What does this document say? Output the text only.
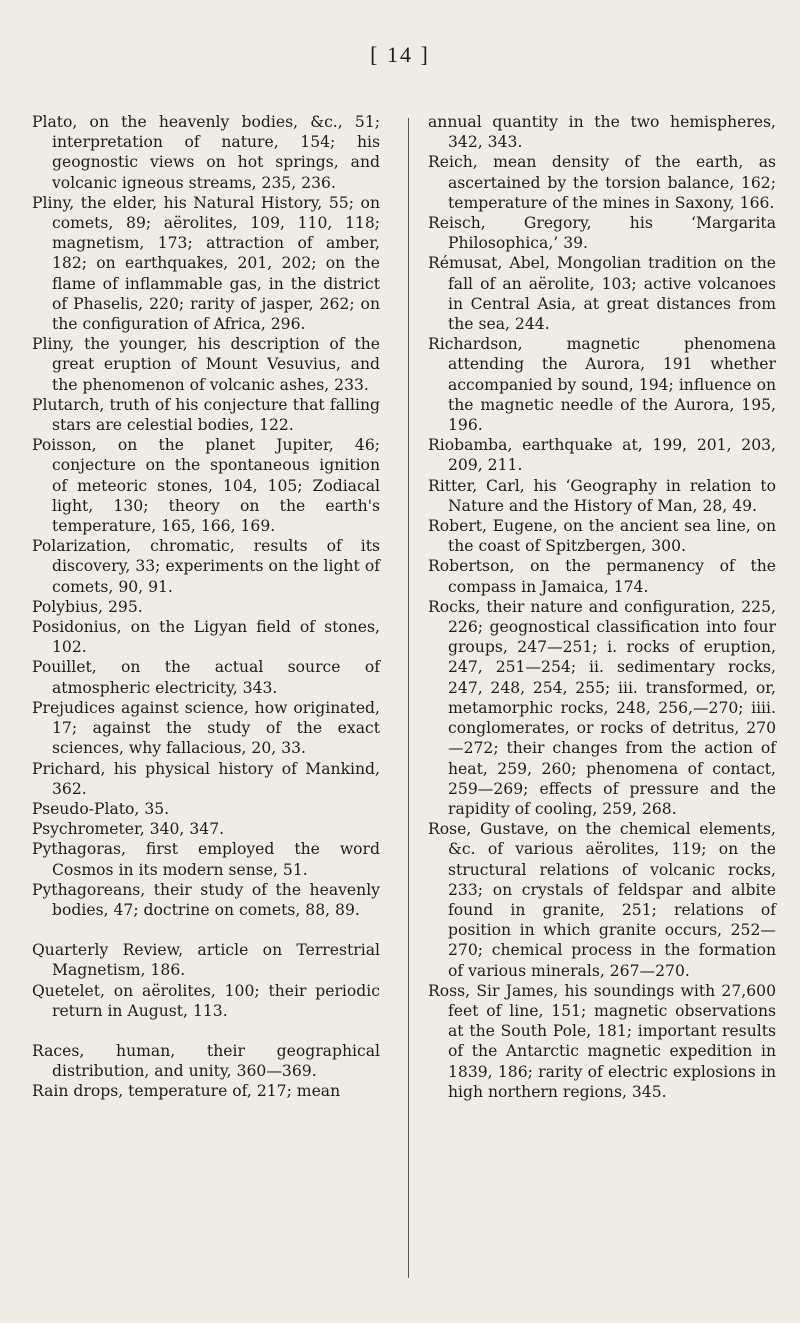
[ 14 ]

Plato, on the heavenly bodies, &c., 51; interpretation of nature, 154; his geognostic views on hot springs, and volcanic igneous streams, 235, 236.

Pliny, the elder, his Natural History, 55; on comets, 89; aërolites, 109, 110, 118; magnetism, 173; attraction of amber, 182; on earthquakes, 201, 202; on the flame of inflammable gas, in the district of Phaselis, 220; rarity of jasper, 262; on the configuration of Africa, 296.

Pliny, the younger, his description of the great eruption of Mount Vesuvius, and the phenomenon of volcanic ashes, 233.

Plutarch, truth of his conjecture that falling stars are celestial bodies, 122.

Poisson, on the planet Jupiter, 46; conjecture on the spontaneous ignition of meteoric stones, 104, 105; Zodiacal light, 130; theory on the earth's temperature, 165, 166, 169.

Polarization, chromatic, results of its discovery, 33; experiments on the light of comets, 90, 91.

Polybius, 295.

Posidonius, on the Ligyan field of stones, 102.

Pouillet, on the actual source of atmospheric electricity, 343.

Prejudices against science, how originated, 17; against the study of the exact sciences, why fallacious, 20, 33.

Prichard, his physical history of Mankind, 362.

Pseudo-Plato, 35.

Psychrometer, 340, 347.

Pythagoras, first employed the word Cosmos in its modern sense, 51.

Pythagoreans, their study of the heavenly bodies, 47; doctrine on comets, 88, 89.

Quarterly Review, article on Terrestrial Magnetism, 186.

Quetelet, on aërolites, 100; their periodic return in August, 113.

Races, human, their geographical distribution, and unity, 360—369.

Rain drops, temperature of, 217; mean

annual quantity in the two hemispheres, 342, 343.

Reich, mean density of the earth, as ascertained by the torsion balance, 162; temperature of the mines in Saxony, 166.

Reisch, Gregory, his ‘Margarita Philosophica,’ 39.

Rémusat, Abel, Mongolian tradition on the fall of an aërolite, 103; active volcanoes in Central Asia, at great distances from the sea, 244.

Richardson, magnetic phenomena attending the Aurora, 191 whether accompanied by sound, 194; influence on the magnetic needle of the Aurora, 195, 196.

Riobamba, earthquake at, 199, 201, 203, 209, 211.

Ritter, Carl, his ‘Geography in relation to Nature and the History of Man, 28, 49.

Robert, Eugene, on the ancient sea line, on the coast of Spitzbergen, 300.

Robertson, on the permanency of the compass in Jamaica, 174.

Rocks, their nature and configuration, 225, 226; geognostical classification into four groups, 247—251; i. rocks of eruption, 247, 251—254; ii. sedimentary rocks, 247, 248, 254, 255; iii. transformed, or, metamorphic rocks, 248, 256,—270; iiii. conglomerates, or rocks of detritus, 270—272; their changes from the action of heat, 259, 260; phenomena of contact, 259—269; effects of pressure and the rapidity of cooling, 259, 268.

Rose, Gustave, on the chemical elements, &c. of various aërolites, 119; on the structural relations of volcanic rocks, 233; on crystals of feldspar and albite found in granite, 251; relations of position in which granite occurs, 252—270; chemical process in the formation of various minerals, 267—270.

Ross, Sir James, his soundings with 27,600 feet of line, 151; magnetic observations at the South Pole, 181; important results of the Antarctic magnetic expedition in 1839, 186; rarity of electric explosions in high northern regions, 345.
